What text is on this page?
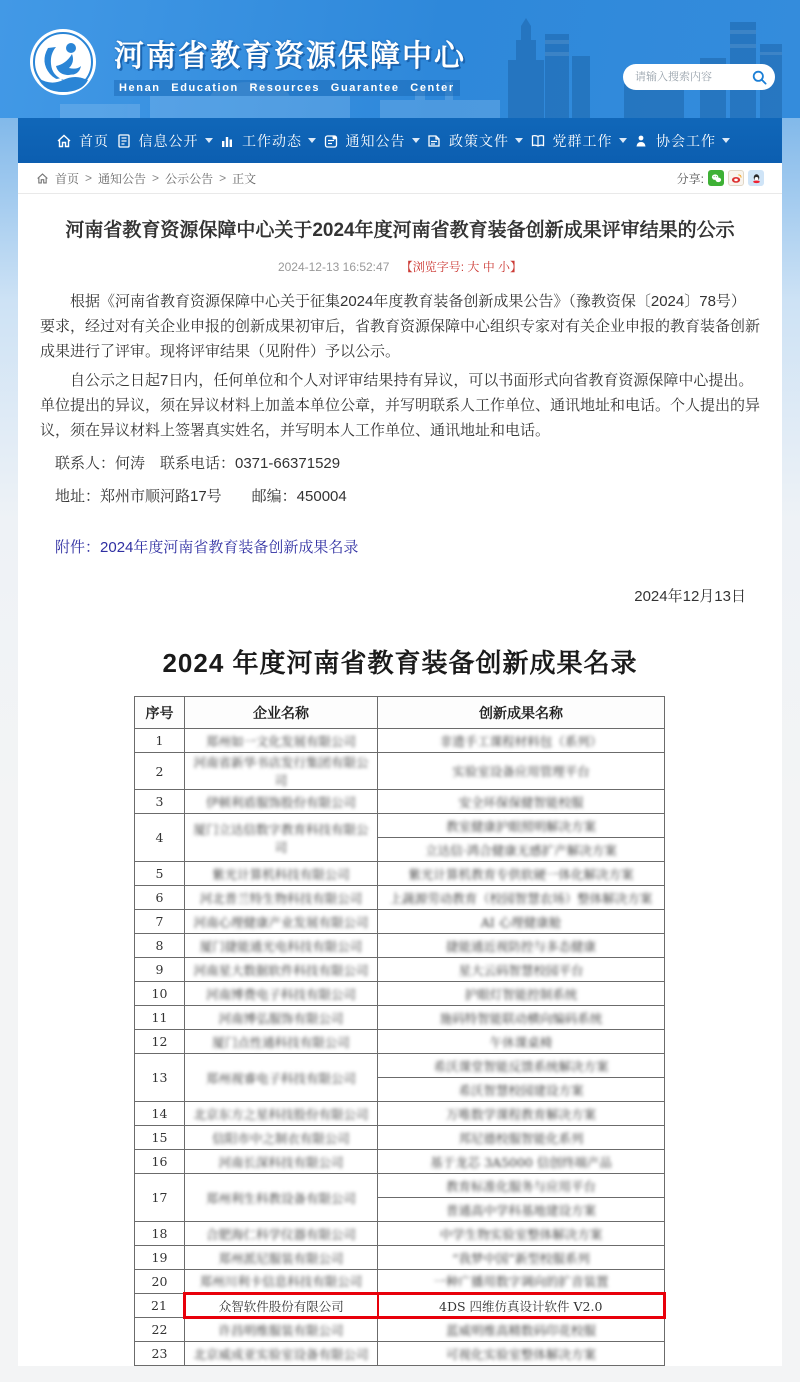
河南省教育资源保障中心
Henan Education Resources Guarantee Center
请输入搜索内容
首页 信息公开	工作动态	通知公告	政策文件	党群工作	协会工作
首页 > 通知公告 > 公示公告 > 正文	分享:
河南省教育资源保障中心关于2024年度河南省教育装备创新成果评审结果的公示
2024-12-13 16:52:47 【浏览字号: 大 中 小】

根据《河南省教育资源保障中心关于征集2024年度教育装备创新成果公告》（豫教资保〔2024〕78号）要求，经过对有关企业申报的创新成果初审后，省教育资源保障中心组织专家对有关企业申报的教育装备创新成果进行了评审。现将评审结果（见附件）予以公示。

自公示之日起7日内，任何单位和个人对评审结果持有异议，可以书面形式向省教育资源保障中心提出。单位提出的异议，须在异议材料上加盖本单位公章，并写明联系人工作单位、通讯地址和电话。个人提出的异议，须在异议材料上签署真实姓名，并写明本人工作单位、通讯地址和电话。

联系人：何涛　联系电话：0371-66371529

地址：郑州市顺河路17号　　邮编：450004

附件：2024年度河南省教育装备创新成果名录

2024年12月13日

2024 年度河南省教育装备创新成果名录
序号	企业名称	创新成果名称
1	郑州如一文化发展有限公司	非遗手工课程材料包（系列）
2	河南省新华书店发行集团有限公司	实验室设备应用管理平台
3	伊顿利盾服饰股份有限公司	安全环保保健智能校服
4	厦门立达信数字教育科技有限公司	教室健康护眼照明解决方案
		立达信·鸿合健康无感扩产解决方案
5	紫光计算机科技有限公司	紫光计算机教育专供软硬一体化解决方案
6	河北普兰特生物科技有限公司	上蔬源劳动教育（校园智慧农场）整体解决方案
7	河南心理健康产业发展有限公司	AI 心理健康舱
8	厦门捷能通光电科技有限公司	捷能通近视防控与多态健康
9	河南星大数据软件科技有限公司	星大云码智慧校园平台
10	河南博费电子科技有限公司	护眼灯智能控制系统
11	河南博弘服饰有限公司	施码特智能联动横向编码系统
12	厦门点性通科技有限公司	午休课桌椅
13	郑州视睿电子科技有限公司	希沃课堂智能反馈系统解决方案
		希沃智慧校园建设方案
14	北京东方之星科技股份有限公司	万唯数学课程教育解决方案
15	信阳市中之制衣有限公司	邦尼德校服智能化系列
16	河南长深科技有限公司	基于龙芯 3A5000 信创终端产品
17	郑州利生科教设备有限公司	教育标准化服务与应用平台
		普通高中学科基地建设方案
18	合肥海仁科学仪器有限公司	中学生物实验室整体解决方案
19	郑州派尼服装有限公司	“我梦中国”新型校服系列
20	郑州川利卡信息科技有限公司	一种广播用数字调向的扩音装置
21	众智软件股份有限公司	4DS 四维仿真设计软件 V2.0
22	许昌明维服装有限公司	蓝威明维高精数码印花校服
23	北京威成亚实验室设备有限公司	可视化实验室整体解决方案
